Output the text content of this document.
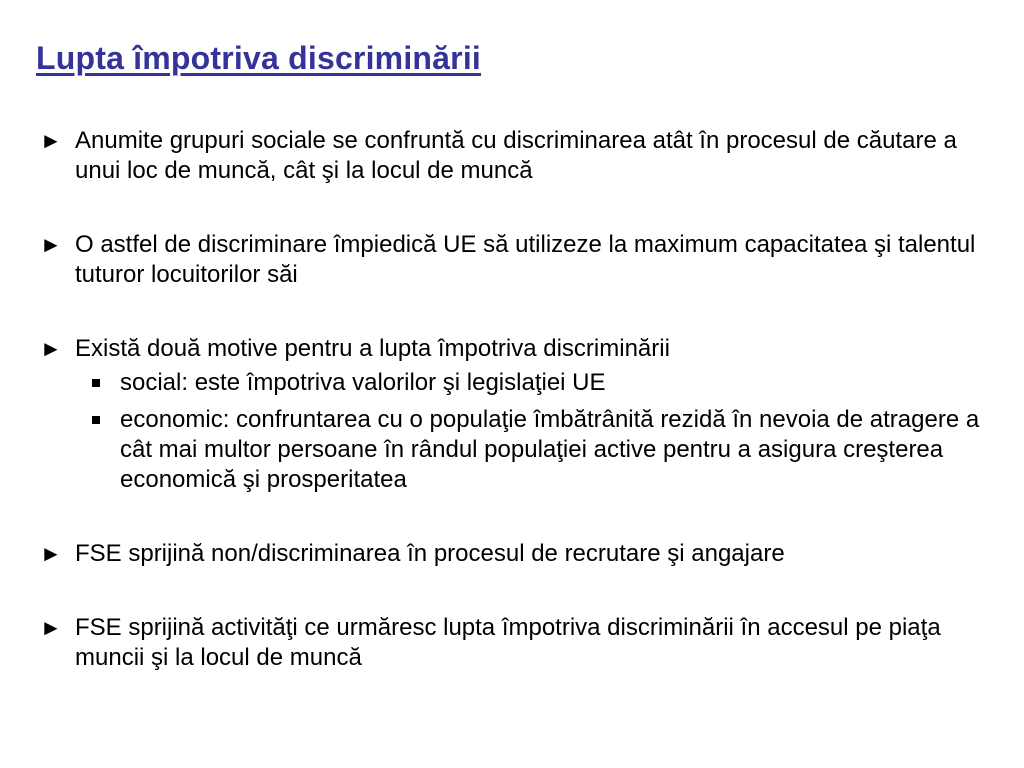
Lupta împotriva discriminării
► Anumite grupuri sociale se confruntă cu discriminarea atât în procesul de căutare a unui loc de muncă, cât şi la locul de muncă
► O astfel de discriminare împiedică UE să utilizeze la maximum capacitatea şi talentul tuturor locuitorilor săi
► Există două motive pentru a lupta împotriva discriminării
social: este împotriva valorilor şi legislaţiei UE
economic: confruntarea cu o populaţie îmbătrânită rezidă în nevoia de atragere a cât mai multor persoane în rândul populaţiei active pentru a asigura creşterea economică şi prosperitatea
► FSE sprijină non/discriminarea în procesul de recrutare şi angajare
► FSE sprijină activităţi ce urmăresc lupta împotriva discriminării în accesul pe piaţa muncii şi la locul de muncă
